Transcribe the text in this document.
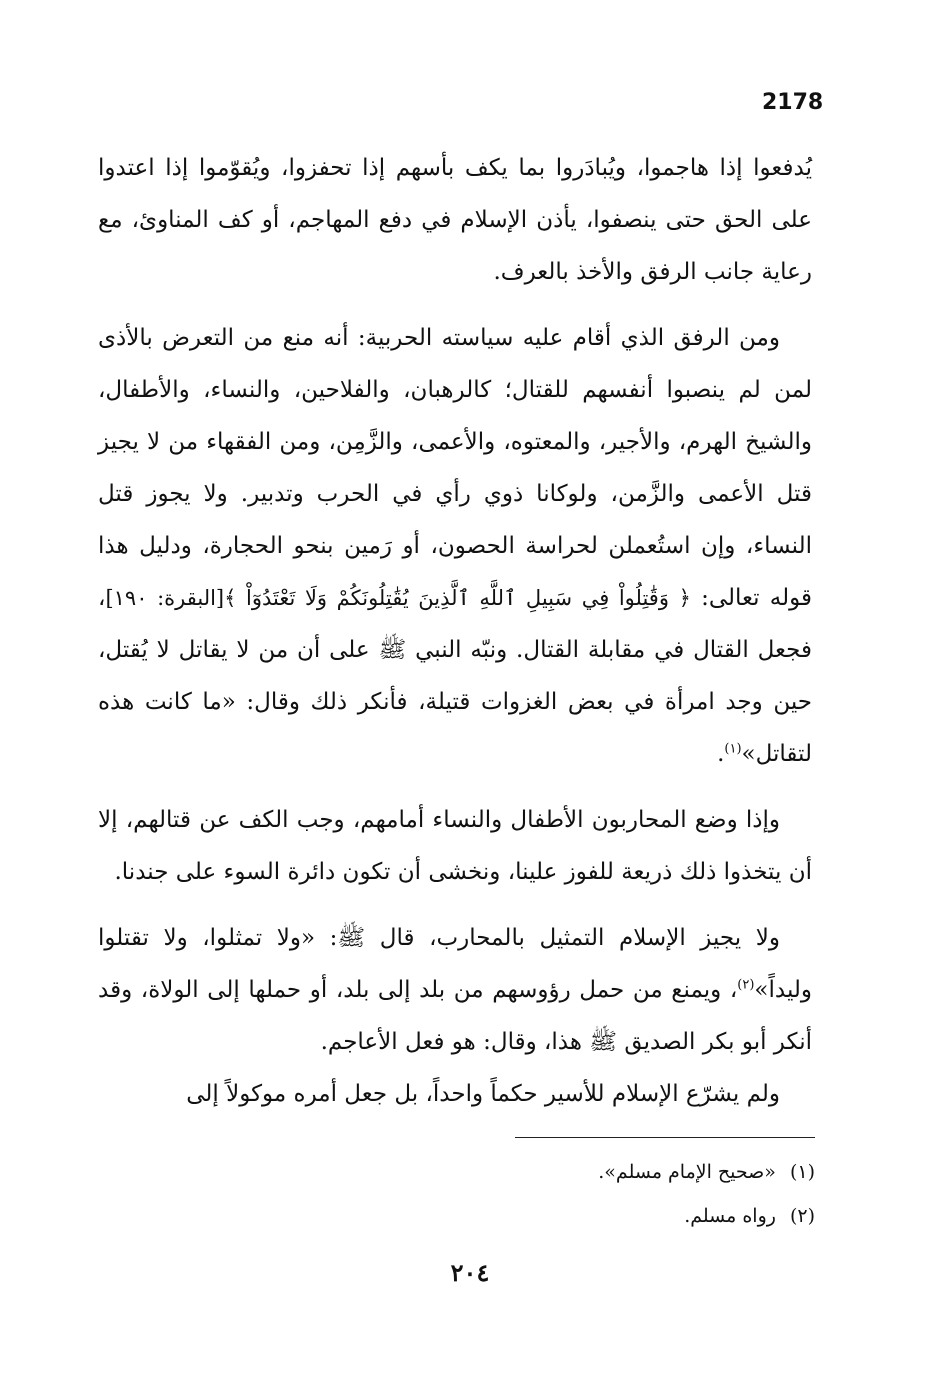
2178

يُدفعوا إذا هاجموا، ويُبادَروا بما يكف بأسهم إذا تحفزوا، ويُقوّموا إذا اعتدوا على الحق حتى ينصفوا، يأذن الإسلام في دفع المهاجم، أو كف المناوئ، مع رعاية جانب الرفق والأخذ بالعرف.

ومن الرفق الذي أقام عليه سياسته الحربية: أنه منع من التعرض بالأذى لمن لم ينصبوا أنفسهم للقتال؛ كالرهبان، والفلاحين، والنساء، والأطفال، والشيخ الهرم، والأجير، والمعتوه، والأعمى، والزَّمِن، ومن الفقهاء من لا يجيز قتل الأعمى والزَّمن، ولوكانا ذوي رأي في الحرب وتدبير. ولا يجوز قتل النساء، وإن استُعملن لحراسة الحصون، أو رَمين بنحو الحجارة، ودليل هذا قوله تعالى: ﴿ وَقَٰتِلُواْ فِي سَبِيلِ ٱللَّهِ ٱلَّذِينَ يُقَٰتِلُونَكُمْ وَلَا تَعْتَدُوٓاْ ﴾[البقرة: ١٩٠]، فجعل القتال في مقابلة القتال. ونبّه النبي ﷺ على أن من لا يقاتل لا يُقتل، حين وجد امرأة في بعض الغزوات قتيلة، فأنكر ذلك وقال: «ما كانت هذه لتقاتل»$^{(١)}$.

وإذا وضع المحاربون الأطفال والنساء أمامهم، وجب الكف عن قتالهم، إلا أن يتخذوا ذلك ذريعة للفوز علينا، ونخشى أن تكون دائرة السوء على جندنا.

ولا يجيز الإسلام التمثيل بالمحارب، قال ﷺ: «ولا تمثلوا، ولا تقتلوا وليداً»$^{(٢)}$، ويمنع من حمل رؤوسهم من بلد إلى بلد، أو حملها إلى الولاة، وقد أنكر أبو بكر الصديق ﷺ هذا، وقال: هو فعل الأعاجم.

ولم يشرّع الإسلام للأسير حكماً واحداً، بل جعل أمره موكولاً إلى

(١)«صحيح الإمام مسلم».

(٢)رواه مسلم.

٢٠٤
